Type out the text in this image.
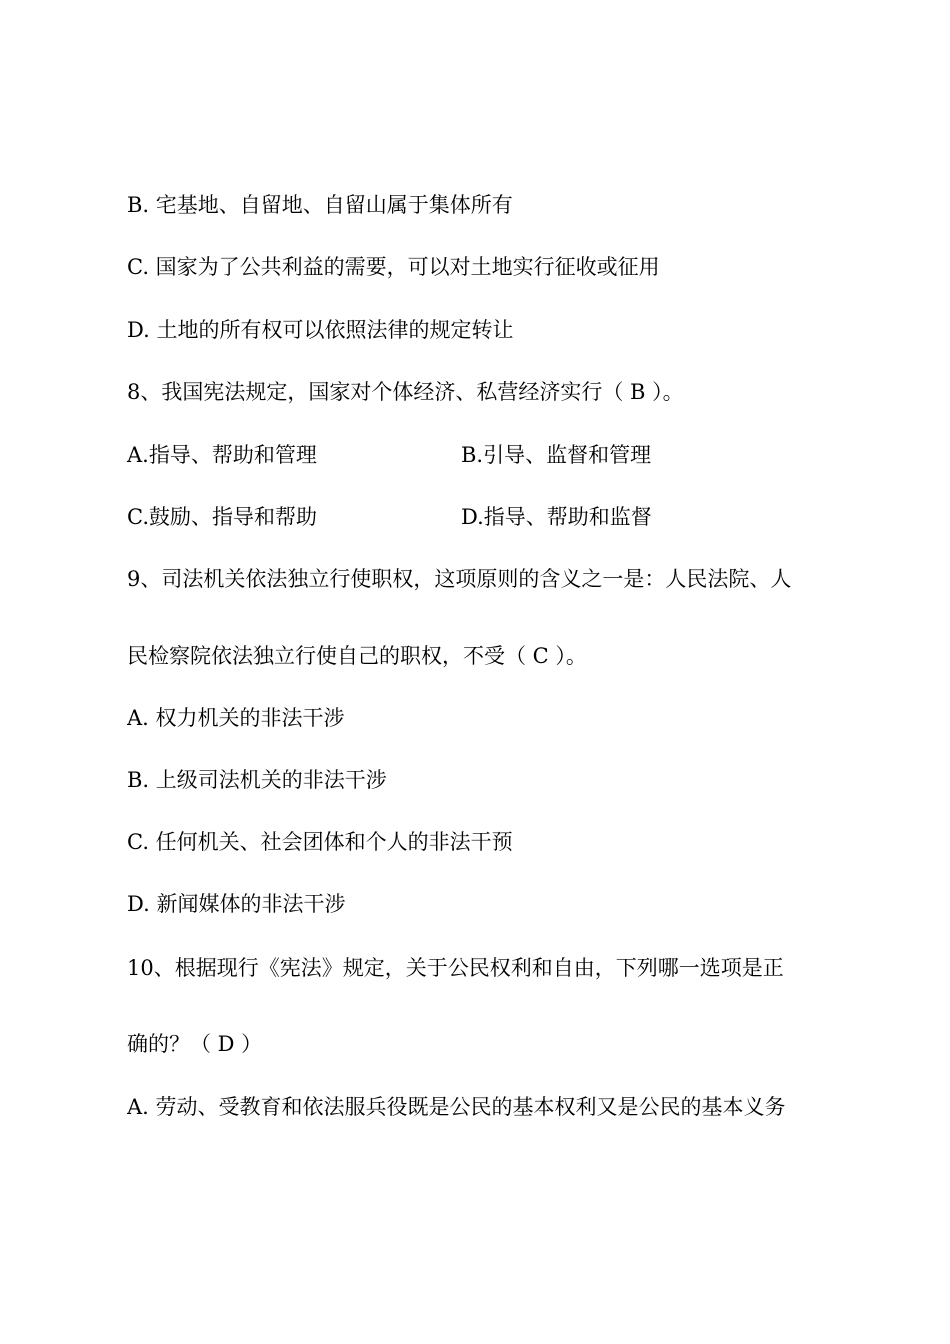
B. 宅基地、自留地、自留山属于集体所有
C. 国家为了公共利益的需要，可以对土地实行征收或征用
D. 土地的所有权可以依照法律的规定转让
8、我国宪法规定，国家对个体经济、私营经济实行（ B ）。
A.指导、帮助和管理	B.引导、监督和管理
C.鼓励、指导和帮助	D.指导、帮助和监督
9、司法机关依法独立行使职权，这项原则的含义之一是：人民法院、人
民检察院依法独立行使自己的职权，不受（ C ）。
A. 权力机关的非法干涉
B. 上级司法机关的非法干涉
C. 任何机关、社会团体和个人的非法干预
D. 新闻媒体的非法干涉
10、根据现行《宪法》规定，关于公民权利和自由，下列哪一选项是正
确的？（ D ）
A. 劳动、受教育和依法服兵役既是公民的基本权利又是公民的基本义务
